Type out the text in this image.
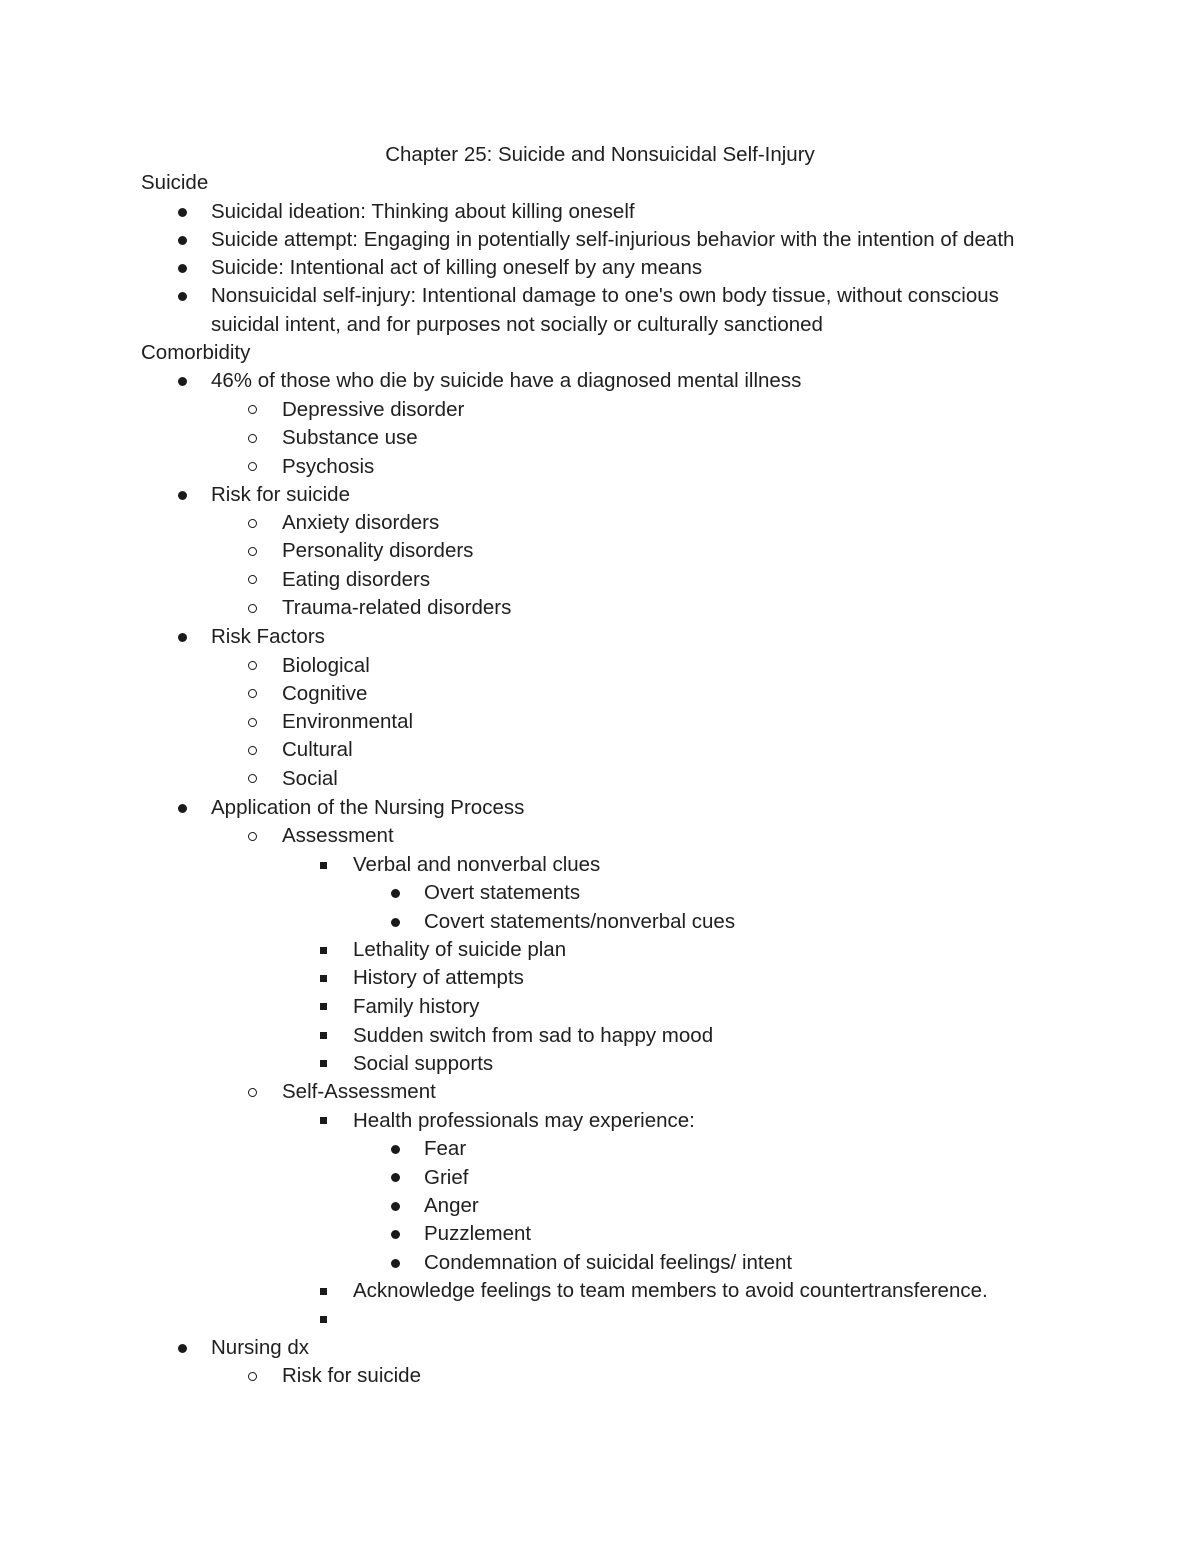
Chapter 25: Suicide and Nonsuicidal Self-Injury
Suicide
Suicidal ideation: Thinking about killing oneself
Suicide attempt: Engaging in potentially self-injurious behavior with the intention of death
Suicide: Intentional act of killing oneself by any means
Nonsuicidal self-injury: Intentional damage to one's own body tissue, without conscious
suicidal intent, and for purposes not socially or culturally sanctioned
Comorbidity
46% of those who die by suicide have a diagnosed mental illness
Depressive disorder
Substance use
Psychosis
Risk for suicide
Anxiety disorders
Personality disorders
Eating disorders
Trauma-related disorders
Risk Factors
Biological
Cognitive
Environmental
Cultural
Social
Application of the Nursing Process
Assessment
Verbal and nonverbal clues
Overt statements
Covert statements/nonverbal cues
Lethality of suicide plan
History of attempts
Family history
Sudden switch from sad to happy mood
Social supports
Self-Assessment
Health professionals may experience:
Fear
Grief
Anger
Puzzlement
Condemnation of suicidal feelings/ intent
Acknowledge feelings to team members to avoid countertransference.
Nursing dx
Risk for suicide
